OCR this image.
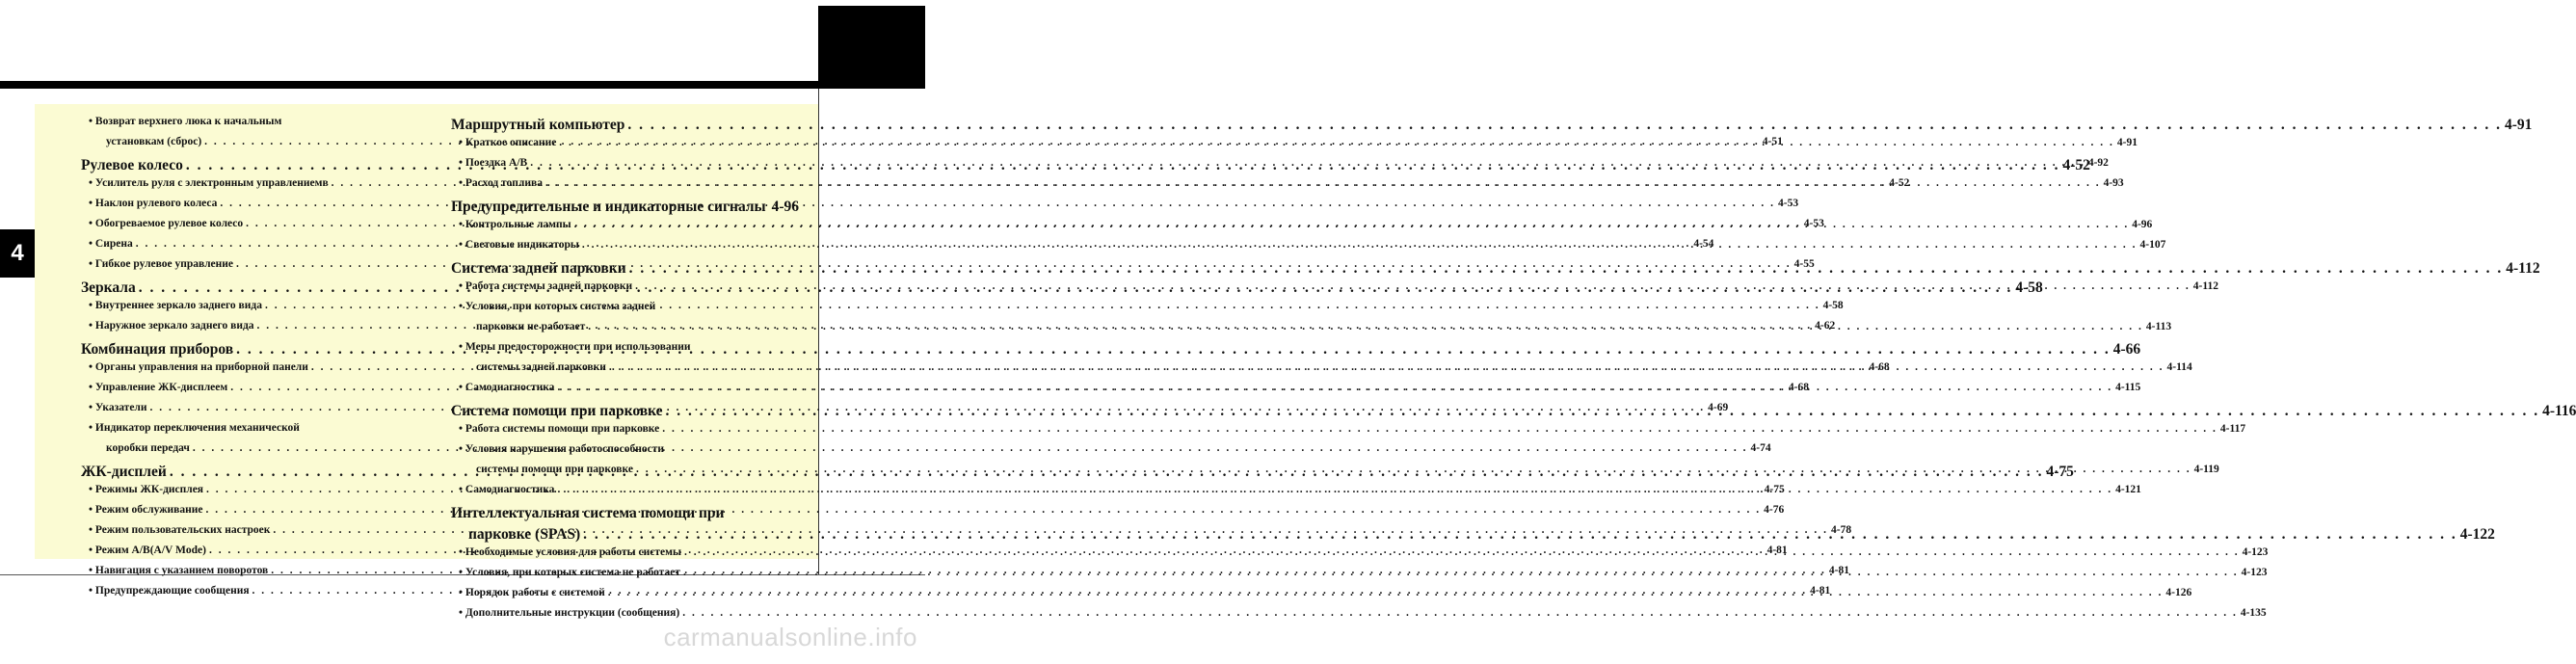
4
carmanualsonline.info
• Возврат верхнего люка к начальным
установкам (сброс) . . .	4-51
Рулевое колесо . . .	4-52
• Усилитель руля с электронным управлениемв . . .	4-52
• Наклон рулевого колеса . . .	4-53
• Обогреваемое рулевое колесо . . .	4-53
• Сирена . . .	4-54
• Гибкое рулевое управление . . .	4-55
Зеркала . . .	4-58
• Внутреннее зеркало заднего вида . . .	4-58
• Наружное зеркало заднего вида . . .	4-62
Комбинация приборов . . .	4-66
• Органы управления на приборной панели . . .	4-68
• Управление ЖК-дисплеем . . .	4-68
• Указатели . . .	4-69
• Индикатор переключения механической
коробки передач . . .	4-74
ЖК-дисплей . . .	4-75
• Режимы ЖК-дисплея . . .	4-75
• Режим обслуживание . . .	4-76
• Режим пользовательских настроек . . .	4-78
• Режим A/B(A/V Mode) . . .	4-81
• Навигация с указанием поворотов . . .	4-81
• Предупреждающие сообщения . . .	4-81
Маршрутный компьютер . . .	4-91
• Краткое описание . . .	4-91
• Поездка А/В . . .	4-92
• Расход топлива . . .	4-93
Предупредительные и индикаторные сигналы 4-96
• Контрольные лампы . . .	4-96
• Световые индикаторы . . .	4-107
Система задней парковки . . .	4-112
• Работа системы задней парковки . . .	4-112
• Условия, при которых система задней
парковки не работает . . .	4-113
• Меры предосторожности при использовании
системы задней парковки . . .	4-114
• Самодиагностика . . .	4-115
Система помощи при парковке . . .	4-116
• Работа системы помощи при парковке . . .	4-117
• Условия нарушения работоспособности
системы помощи при парковке . . .	4-119
• Самодиагностика . . .	4-121
Интеллектуальная система помощи при
парковке (SPAS) . . .	4-122
• Необходимые условия для работы системы . . .	4-123
• Условия, при которых система не работает . . .	4-123
• Порядок работы с системой . . .	4-126
• Дополнительные инструкции (сообщения) . . .	4-135
